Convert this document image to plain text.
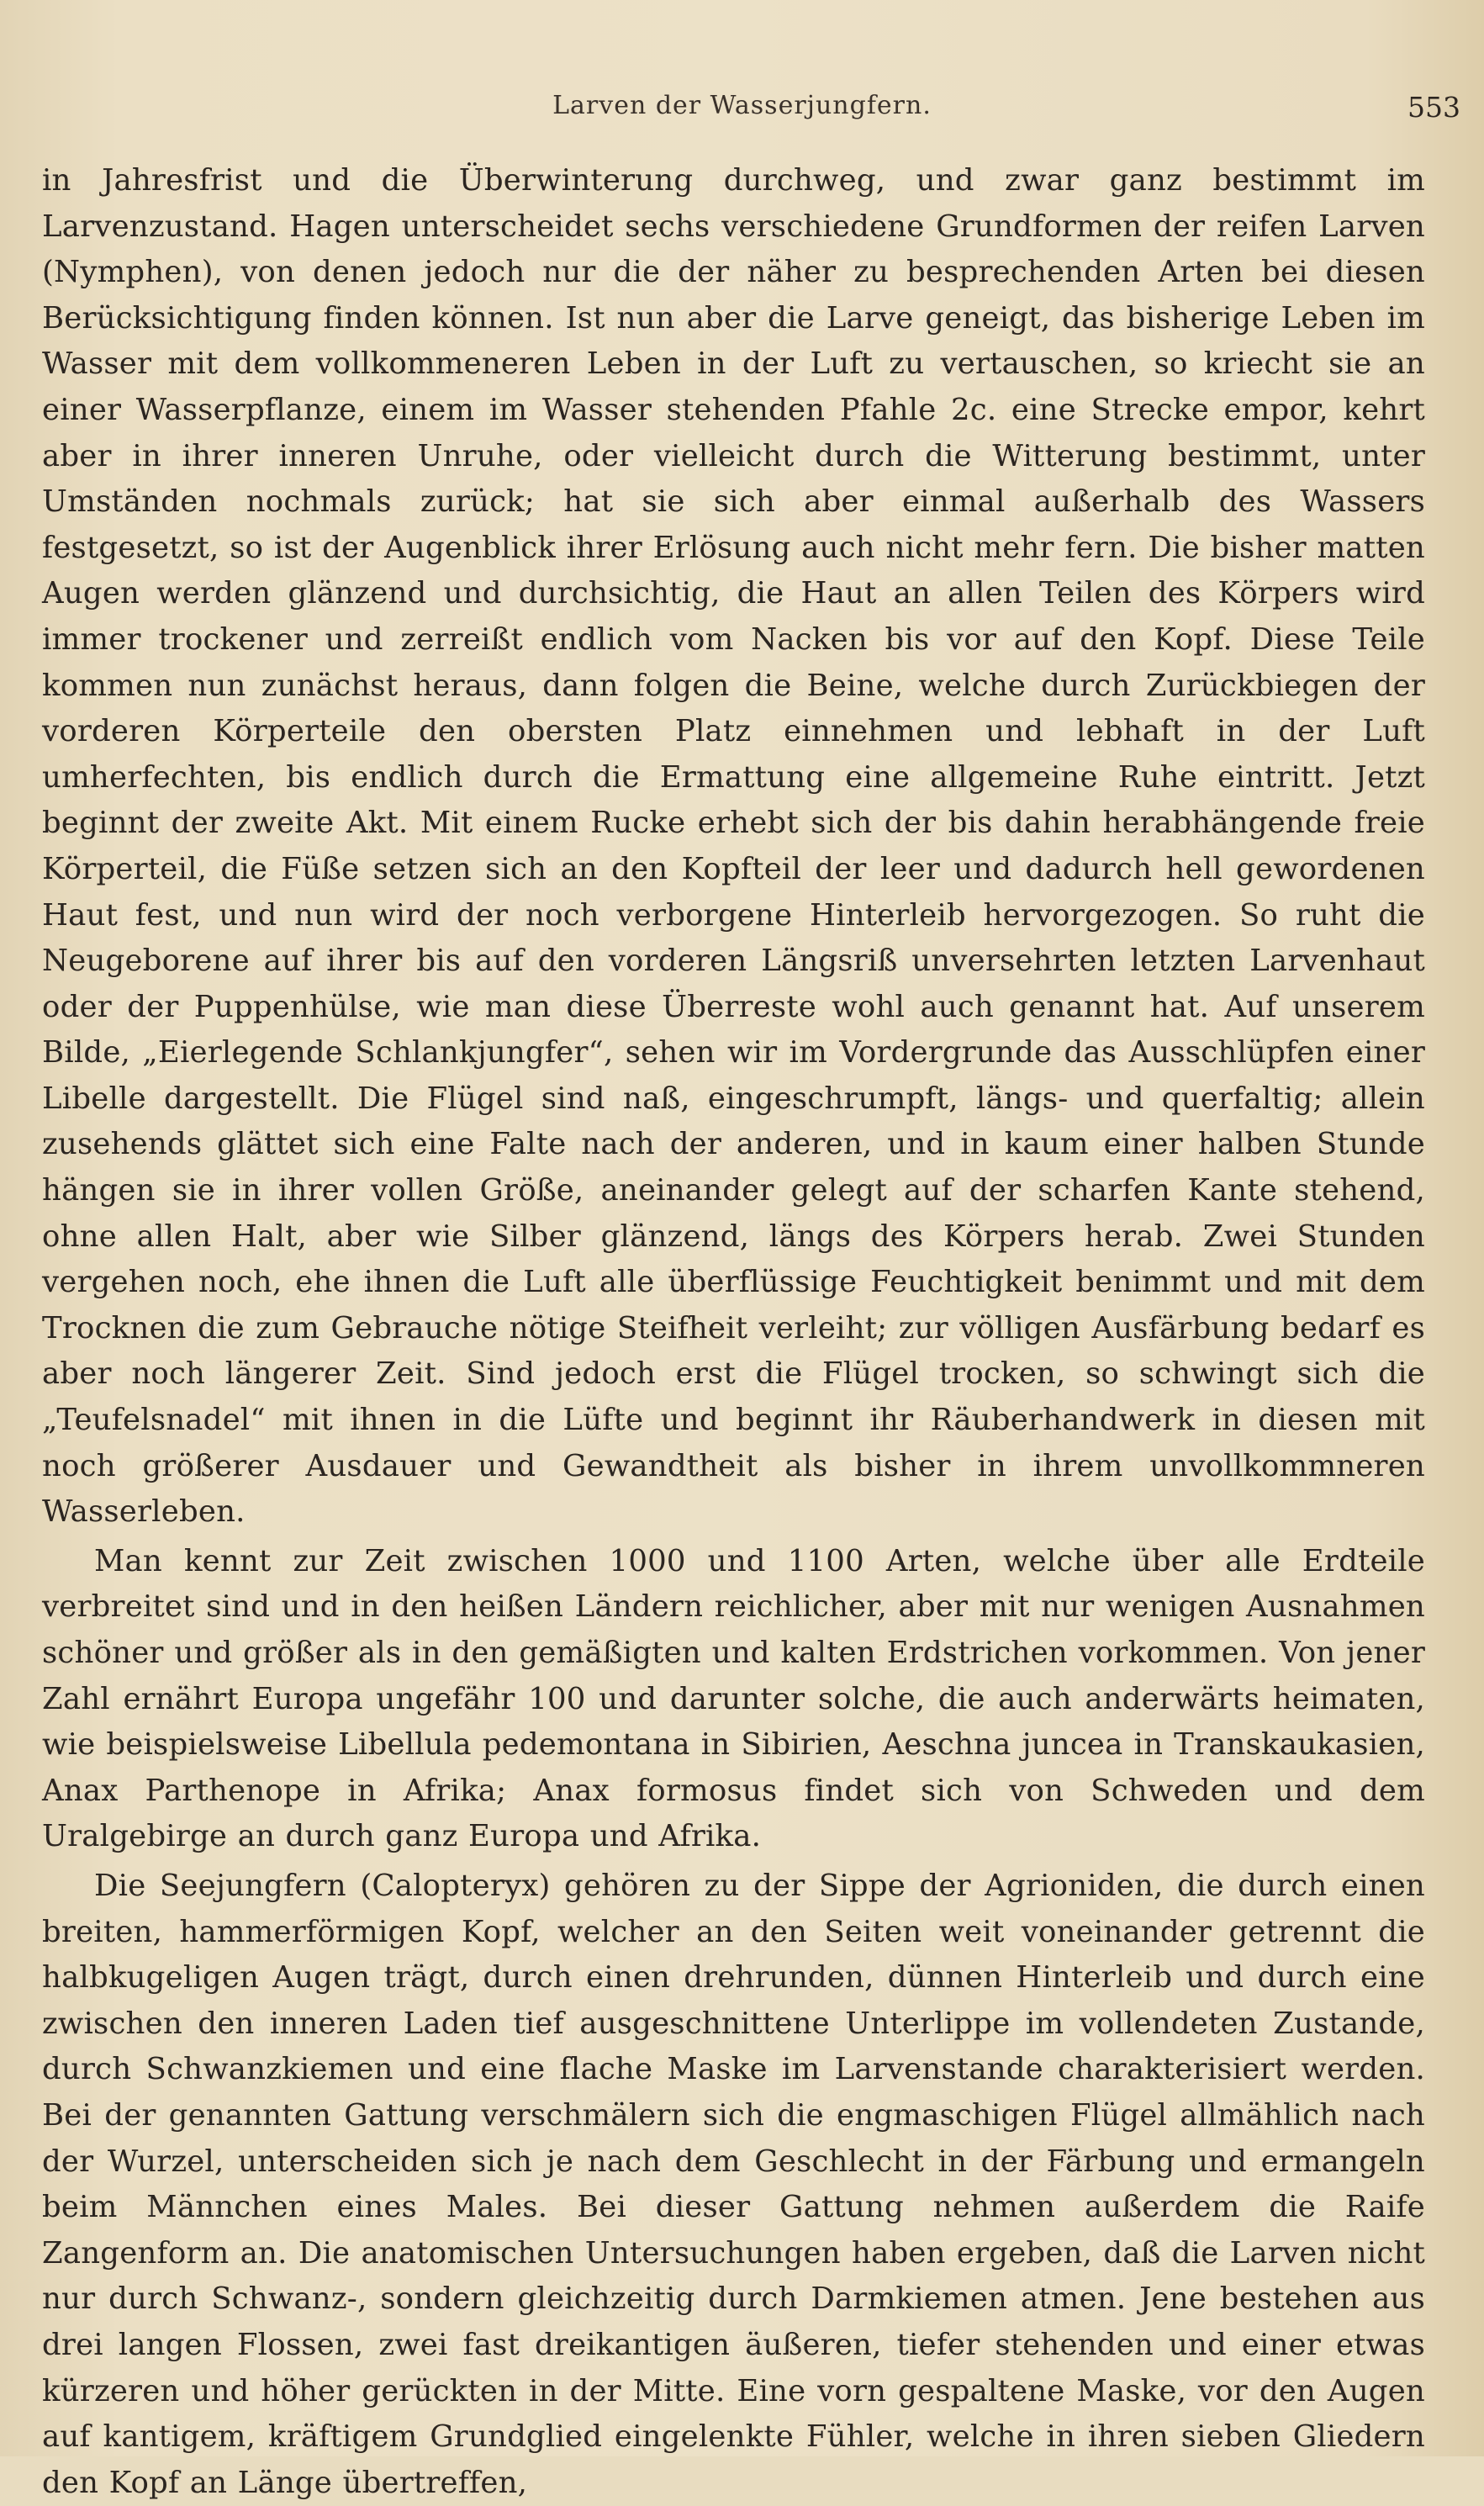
Larven der Wasserjungfern.	553

in Jahresfrist und die Überwinterung durchweg, und zwar ganz bestimmt im Larvenzustand. Hagen unterscheidet sechs verschiedene Grundformen der reifen Larven (Nymphen), von denen jedoch nur die der näher zu besprechenden Arten bei diesen Berücksichtigung finden können. Ist nun aber die Larve geneigt, das bisherige Leben im Wasser mit dem vollkommeneren Leben in der Luft zu vertauschen, so kriecht sie an einer Wasserpflanze, einem im Wasser stehenden Pfahle 2c. eine Strecke empor, kehrt aber in ihrer inneren Unruhe, oder vielleicht durch die Witterung bestimmt, unter Umständen nochmals zurück; hat sie sich aber einmal außerhalb des Wassers festgesetzt, so ist der Augenblick ihrer Erlösung auch nicht mehr fern. Die bisher matten Augen werden glänzend und durchsichtig, die Haut an allen Teilen des Körpers wird immer trockener und zerreißt endlich vom Nacken bis vor auf den Kopf. Diese Teile kommen nun zunächst heraus, dann folgen die Beine, welche durch Zurückbiegen der vorderen Körperteile den obersten Platz einnehmen und lebhaft in der Luft umherfechten, bis endlich durch die Ermattung eine allgemeine Ruhe eintritt. Jetzt beginnt der zweite Akt. Mit einem Rucke erhebt sich der bis dahin herabhängende freie Körperteil, die Füße setzen sich an den Kopfteil der leer und dadurch hell gewordenen Haut fest, und nun wird der noch verborgene Hinterleib hervorgezogen. So ruht die Neugeborene auf ihrer bis auf den vorderen Längsriß unversehrten letzten Larvenhaut oder der Puppenhülse, wie man diese Überreste wohl auch genannt hat. Auf unserem Bilde, „Eierlegende Schlankjungfer“, sehen wir im Vordergrunde das Ausschlüpfen einer Libelle dargestellt. Die Flügel sind naß, eingeschrumpft, längs- und querfaltig; allein zusehends glättet sich eine Falte nach der anderen, und in kaum einer halben Stunde hängen sie in ihrer vollen Größe, aneinander gelegt auf der scharfen Kante stehend, ohne allen Halt, aber wie Silber glänzend, längs des Körpers herab. Zwei Stunden vergehen noch, ehe ihnen die Luft alle überflüssige Feuchtigkeit benimmt und mit dem Trocknen die zum Gebrauche nötige Steifheit verleiht; zur völligen Ausfärbung bedarf es aber noch längerer Zeit. Sind jedoch erst die Flügel trocken, so schwingt sich die „Teufelsnadel“ mit ihnen in die Lüfte und beginnt ihr Räuberhandwerk in diesen mit noch größerer Ausdauer und Gewandtheit als bisher in ihrem unvollkommneren Wasserleben.

Man kennt zur Zeit zwischen 1000 und 1100 Arten, welche über alle Erdteile verbreitet sind und in den heißen Ländern reichlicher, aber mit nur wenigen Ausnahmen schöner und größer als in den gemäßigten und kalten Erdstrichen vorkommen. Von jener Zahl ernährt Europa ungefähr 100 und darunter solche, die auch anderwärts heimaten, wie beispielsweise Libellula pedemontana in Sibirien, Aeschna juncea in Transkaukasien, Anax Parthenope in Afrika; Anax formosus findet sich von Schweden und dem Uralgebirge an durch ganz Europa und Afrika.

Die Seejungfern (Calopteryx) gehören zu der Sippe der Agrioniden, die durch einen breiten, hammerförmigen Kopf, welcher an den Seiten weit voneinander getrennt die halbkugeligen Augen trägt, durch einen drehrunden, dünnen Hinterleib und durch eine zwischen den inneren Laden tief ausgeschnittene Unterlippe im vollendeten Zustande, durch Schwanzkiemen und eine flache Maske im Larvenstande charakterisiert werden. Bei der genannten Gattung verschmälern sich die engmaschigen Flügel allmählich nach der Wurzel, unterscheiden sich je nach dem Geschlecht in der Färbung und ermangeln beim Männchen eines Males. Bei dieser Gattung nehmen außerdem die Raife Zangenform an. Die anatomischen Untersuchungen haben ergeben, daß die Larven nicht nur durch Schwanz-, sondern gleichzeitig durch Darmkiemen atmen. Jene bestehen aus drei langen Flossen, zwei fast dreikantigen äußeren, tiefer stehenden und einer etwas kürzeren und höher gerückten in der Mitte. Eine vorn gespaltene Maske, vor den Augen auf kantigem, kräftigem Grundglied eingelenkte Fühler, welche in ihren sieben Gliedern den Kopf an Länge übertreffen,
